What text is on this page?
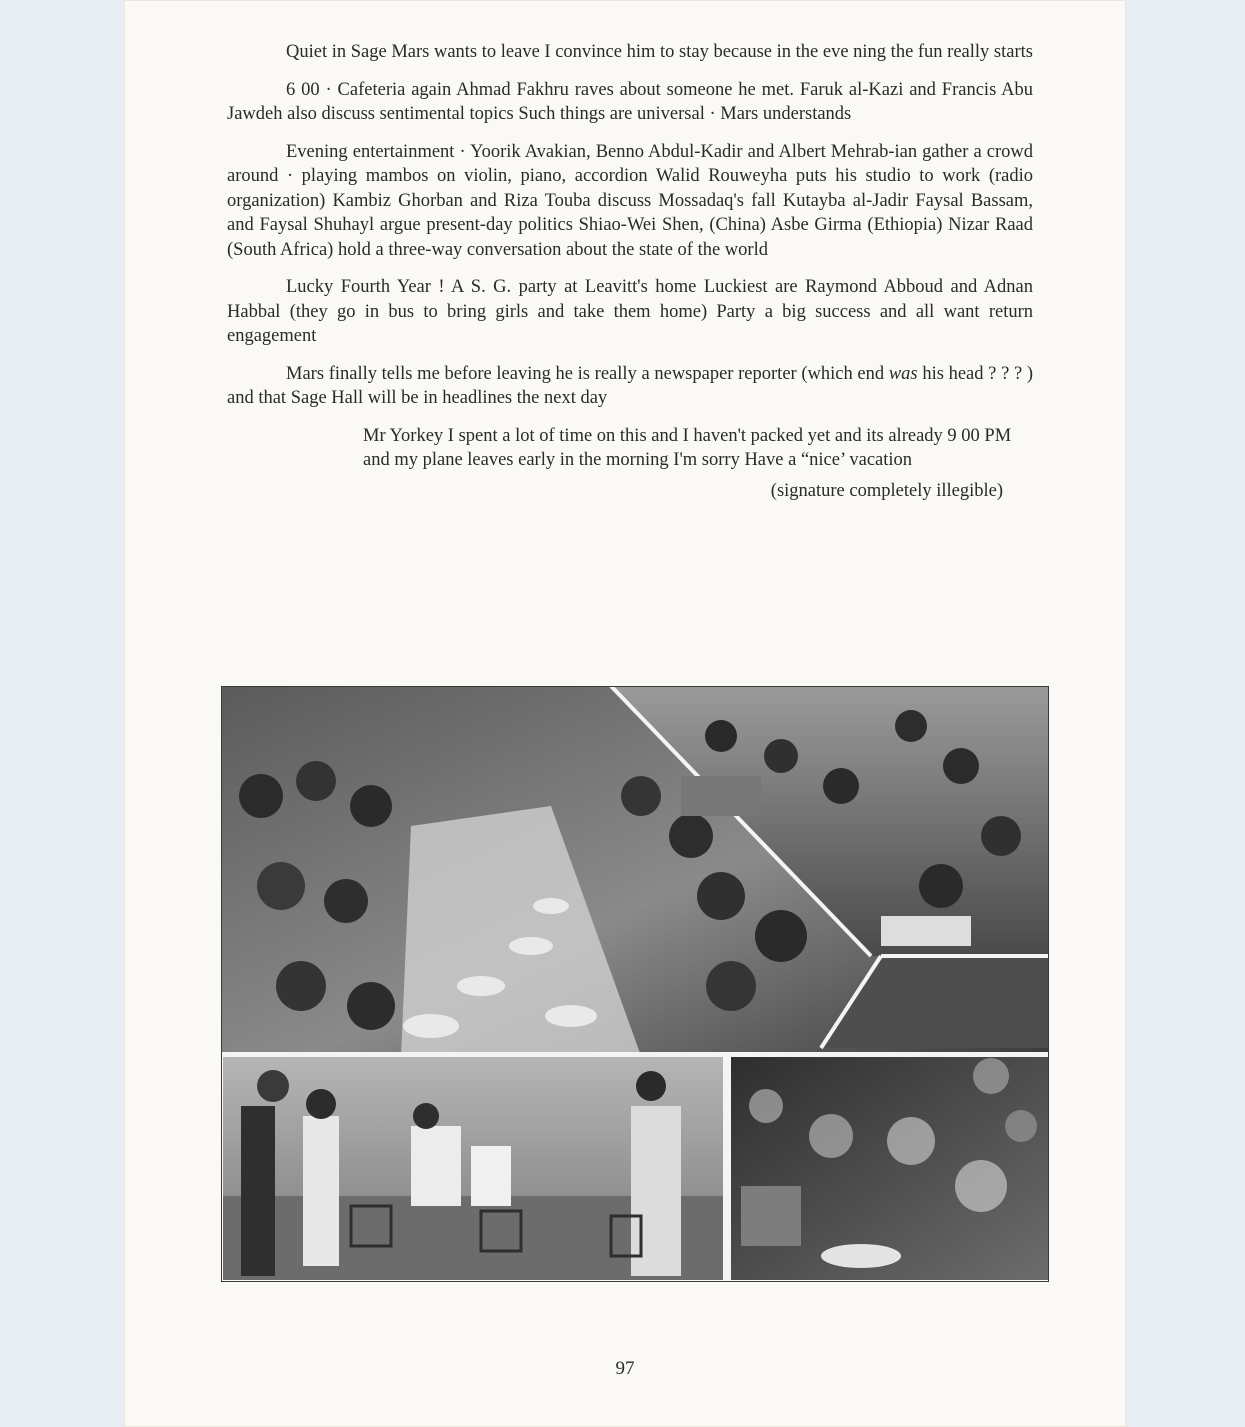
Quiet in Sage Mars wants to leave I convince him to stay because in the eve ning the fun really starts

6 00 · Cafeteria again Ahmad Fakhru raves about someone he met. Faruk al-Kazi and Francis Abu Jawdeh also discuss sentimental topics Such things are universal · Mars understands

Evening entertainment · Yoorik Avakian, Benno Abdul-Kadir and Albert Mehrab-ian gather a crowd around · playing mambos on violin, piano, accordion Walid Rouweyha puts his studio to work (radio organization) Kambiz Ghorban and Riza Touba discuss Mossadaq's fall Kutayba al-Jadir Faysal Bassam, and Faysal Shuhayl argue present-day politics Shiao-Wei Shen, (China) Asbe Girma (Ethiopia) Nizar Raad (South Africa) hold a three-way conversation about the state of the world

Lucky Fourth Year ! A S. G. party at Leavitt's home Luckiest are Raymond Abboud and Adnan Habbal (they go in bus to bring girls and take them home) Party a big success and all want return engagement

Mars finally tells me before leaving he is really a newspaper reporter (which end was his head ? ? ? ) and that Sage Hall will be in headlines the next day

Mr Yorkey I spent a lot of time on this and I haven't packed yet and its already 9 00 PM and my plane leaves early in the morning I'm sorry Have a “nice’ vacation

(signature completely illegible)

97
